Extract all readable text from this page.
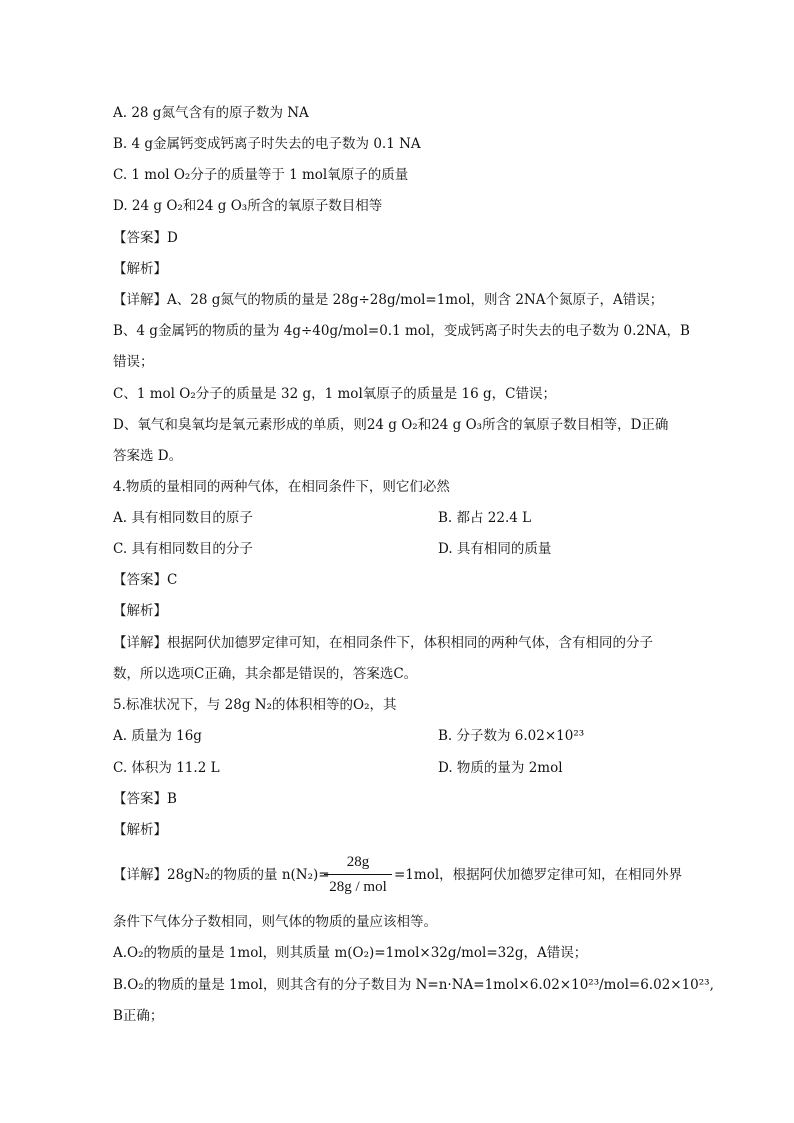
A. 28 g氮气含有的原子数为 NA
B. 4 g金属钙变成钙离子时失去的电子数为 0.1 NA
C. 1 mol O₂分子的质量等于 1 mol氧原子的质量
D. 24 g O₂和24 g O₃所含的氧原子数目相等
【答案】D
【解析】
【详解】A、28 g氮气的物质的量是 28g÷28g/mol=1mol，则含 2NA个氮原子，A错误；
B、4 g金属钙的物质的量为 4g÷40g/mol=0.1 mol，变成钙离子时失去的电子数为 0.2NA，B
错误；
C、1 mol O₂分子的质量是 32 g，1 mol氧原子的质量是 16 g，C错误；
D、氧气和臭氧均是氧元素形成的单质，则24 g O₂和24 g O₃所含的氧原子数目相等，D正确
答案选 D。
4.物质的量相同的两种气体，在相同条件下，则它们必然
A. 具有相同数目的原子	B. 都占 22.4 L
C. 具有相同数目的分子	D. 具有相同的质量
【答案】C
【解析】
【详解】根据阿伏加德罗定律可知，在相同条件下，体积相同的两种气体，含有相同的分子
数，所以选项C正确，其余都是错误的，答案选C。
5.标准状况下，与 28g N₂的体积相等的O₂，其
A. 质量为 16g	B. 分子数为 6.02×10²³
C. 体积为 11.2 L	D. 物质的量为 2mol
【答案】B
【解析】
【详解】28gN₂的物质的量 n(N₂)=
28g
28g / mol
=1mol，根据阿伏加德罗定律可知，在相同外界
条件下气体分子数相同，则气体的物质的量应该相等。
A.O₂的物质的量是 1mol，则其质量 m(O₂)=1mol×32g/mol=32g，A错误；
B.O₂的物质的量是 1mol，则其含有的分子数目为 N=n·NA=1mol×6.02×10²³/mol=6.02×10²³,
B正确；
